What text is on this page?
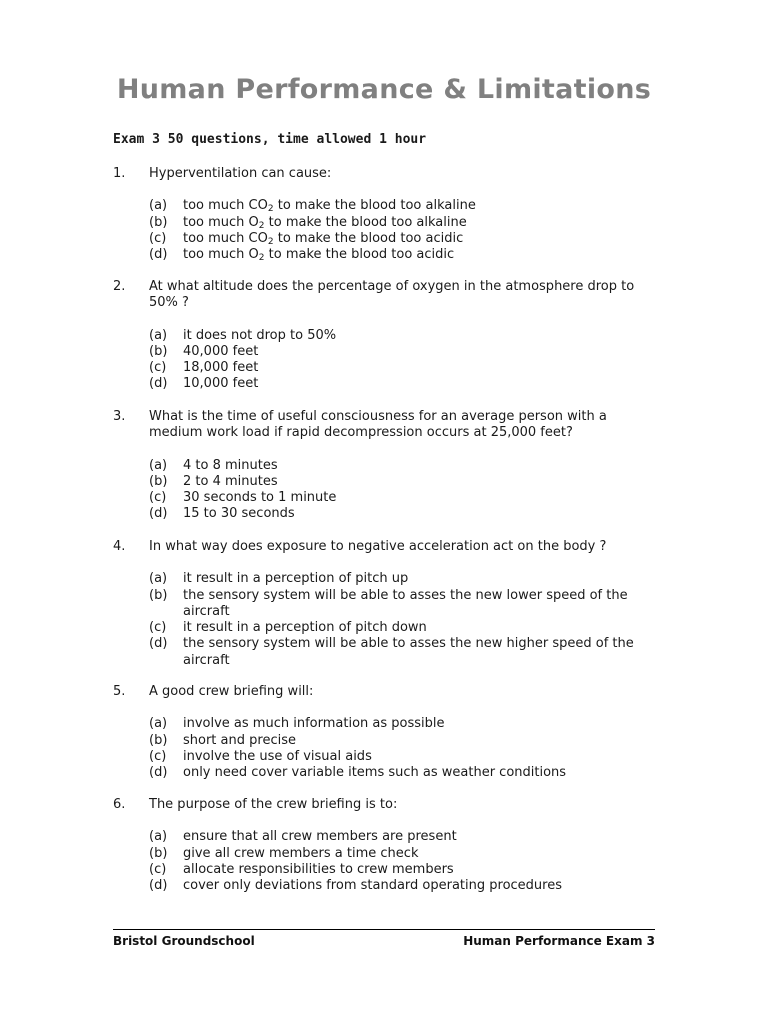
Human Performance & Limitations
Exam 3 50 questions, time allowed 1 hour
1.	Hyperventilation can cause:
(a)	too much $CO_2$ to make the blood too alkaline
(b)	too much $O_2$ to make the blood too alkaline
(c)	too much $CO_2$ to make the blood too acidic
(d)	too much $O_2$ to make the blood too acidic
2.	At what altitude does the percentage of oxygen in the atmosphere drop to 50% ?
(a)	it does not drop to 50%
(b)	40,000 feet
(c)	18,000 feet
(d)	10,000 feet
3.	What is the time of useful consciousness for an average person with a medium work load if rapid decompression occurs at 25,000 feet?
(a)	4 to 8 minutes
(b)	2 to 4 minutes
(c)	30 seconds to 1 minute
(d)	15 to 30 seconds
4.	In what way does exposure to negative acceleration act on the body ?
(a)	it result in a perception of pitch up
(b)	the sensory system will be able to asses the new lower speed of the aircraft
(c)	it result in a perception of pitch down
(d)	the sensory system will be able to asses the new higher speed of the aircraft
5.	A good crew briefing will:
(a)	involve as much information as possible
(b)	short and precise
(c)	involve the use of visual aids
(d)	only need cover variable items such as weather conditions
6.	The purpose of the crew briefing is to:
(a)	ensure that all crew members are present
(b)	give all crew members a time check
(c)	allocate responsibilities to crew members
(d)	cover only deviations from standard operating procedures
Bristol Groundschool	Human Performance Exam 3
